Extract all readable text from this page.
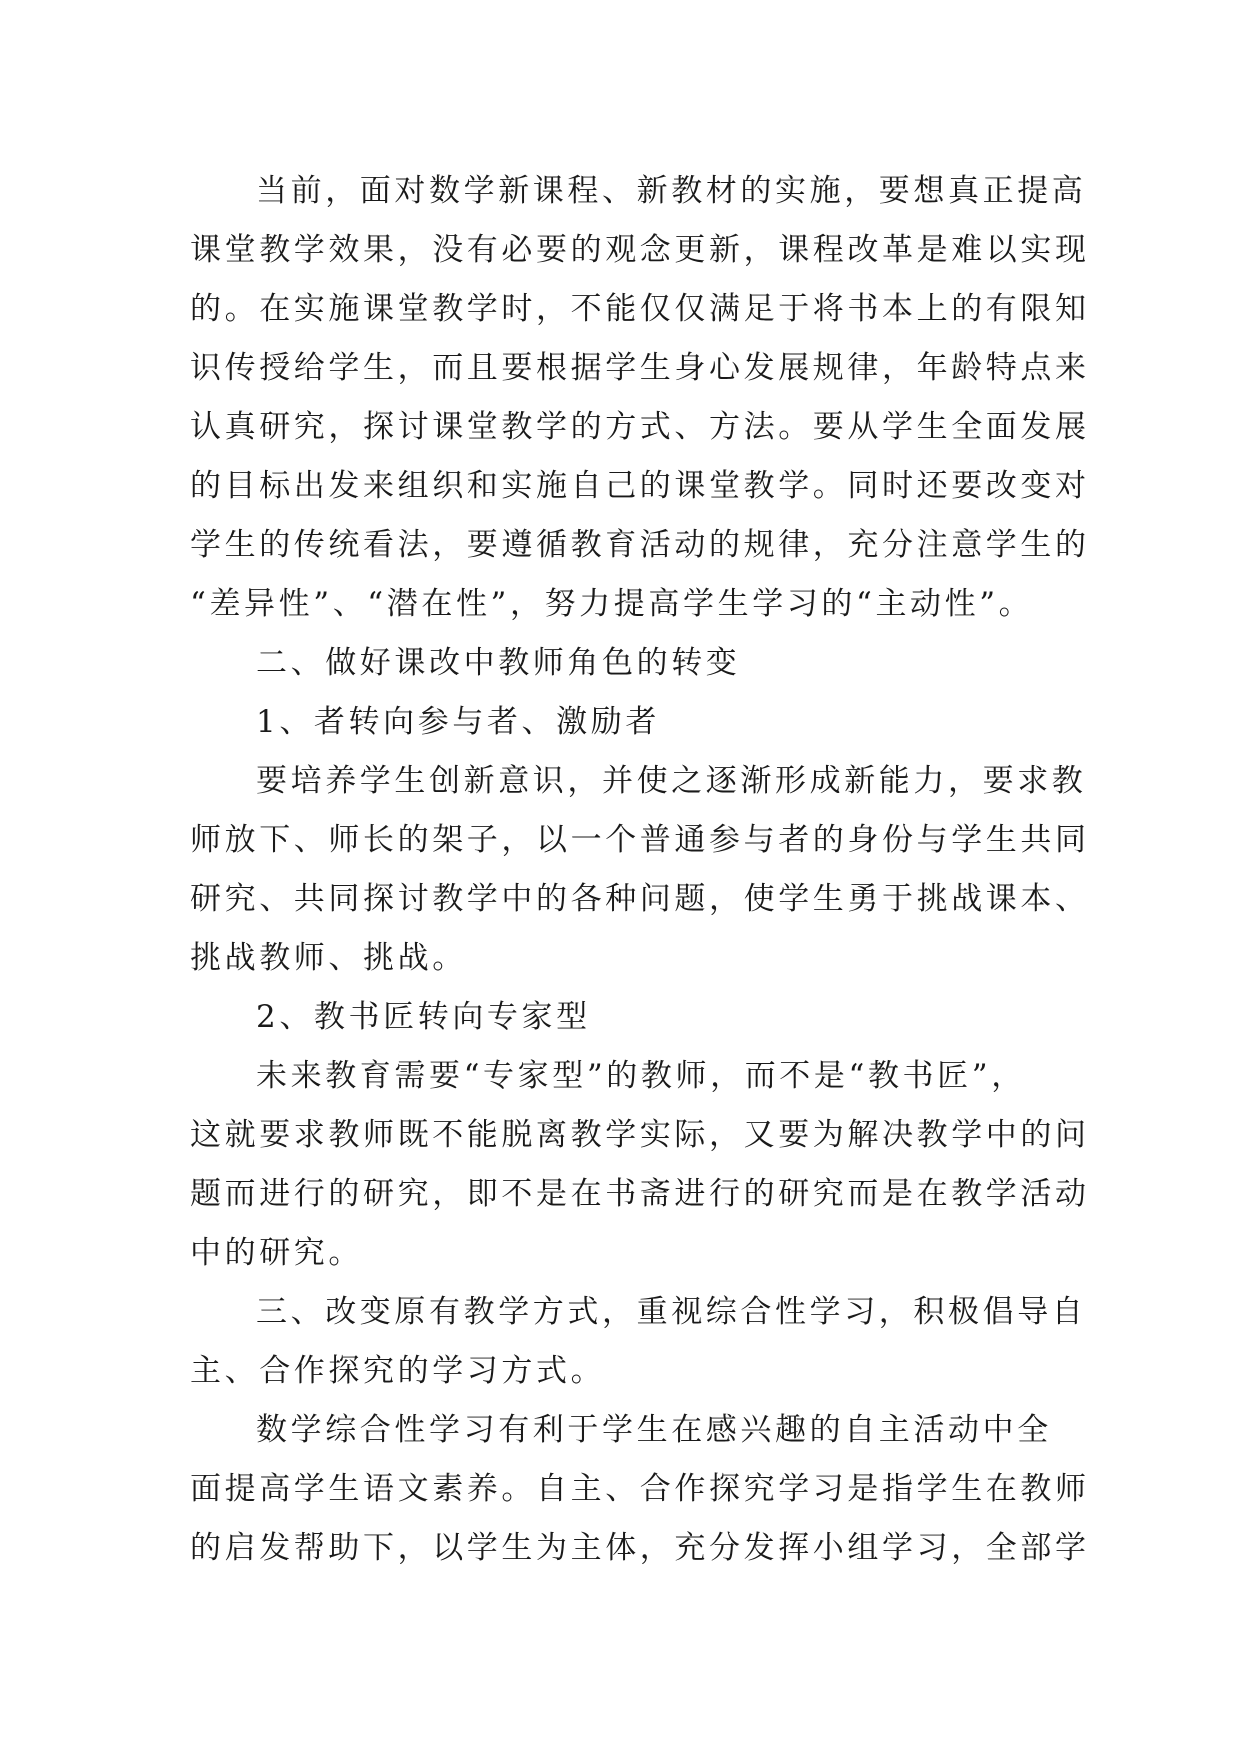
当前，面对数学新课程、新教材的实施，要想真正提高
课堂教学效果，没有必要的观念更新，课程改革是难以实现
的。在实施课堂教学时，不能仅仅满足于将书本上的有限知
识传授给学生，而且要根据学生身心发展规律，年龄特点来
认真研究，探讨课堂教学的方式、方法。要从学生全面发展
的目标出发来组织和实施自己的课堂教学。同时还要改变对
学生的传统看法，要遵循教育活动的规律，充分注意学生的
“差异性”、“潜在性”，努力提高学生学习的“主动性”。
二、做好课改中教师角色的转变
1、者转向参与者、激励者
要培养学生创新意识，并使之逐渐形成新能力，要求教
师放下、师长的架子，以一个普通参与者的身份与学生共同
研究、共同探讨教学中的各种问题，使学生勇于挑战课本、
挑战教师、挑战。
2、教书匠转向专家型
未来教育需要“专家型”的教师，而不是“教书匠”，
这就要求教师既不能脱离教学实际，又要为解决教学中的问
题而进行的研究，即不是在书斋进行的研究而是在教学活动
中的研究。
三、改变原有教学方式，重视综合性学习，积极倡导自
主、合作探究的学习方式。
数学综合性学习有利于学生在感兴趣的自主活动中全
面提高学生语文素养。自主、合作探究学习是指学生在教师
的启发帮助下，以学生为主体，充分发挥小组学习，全部学
